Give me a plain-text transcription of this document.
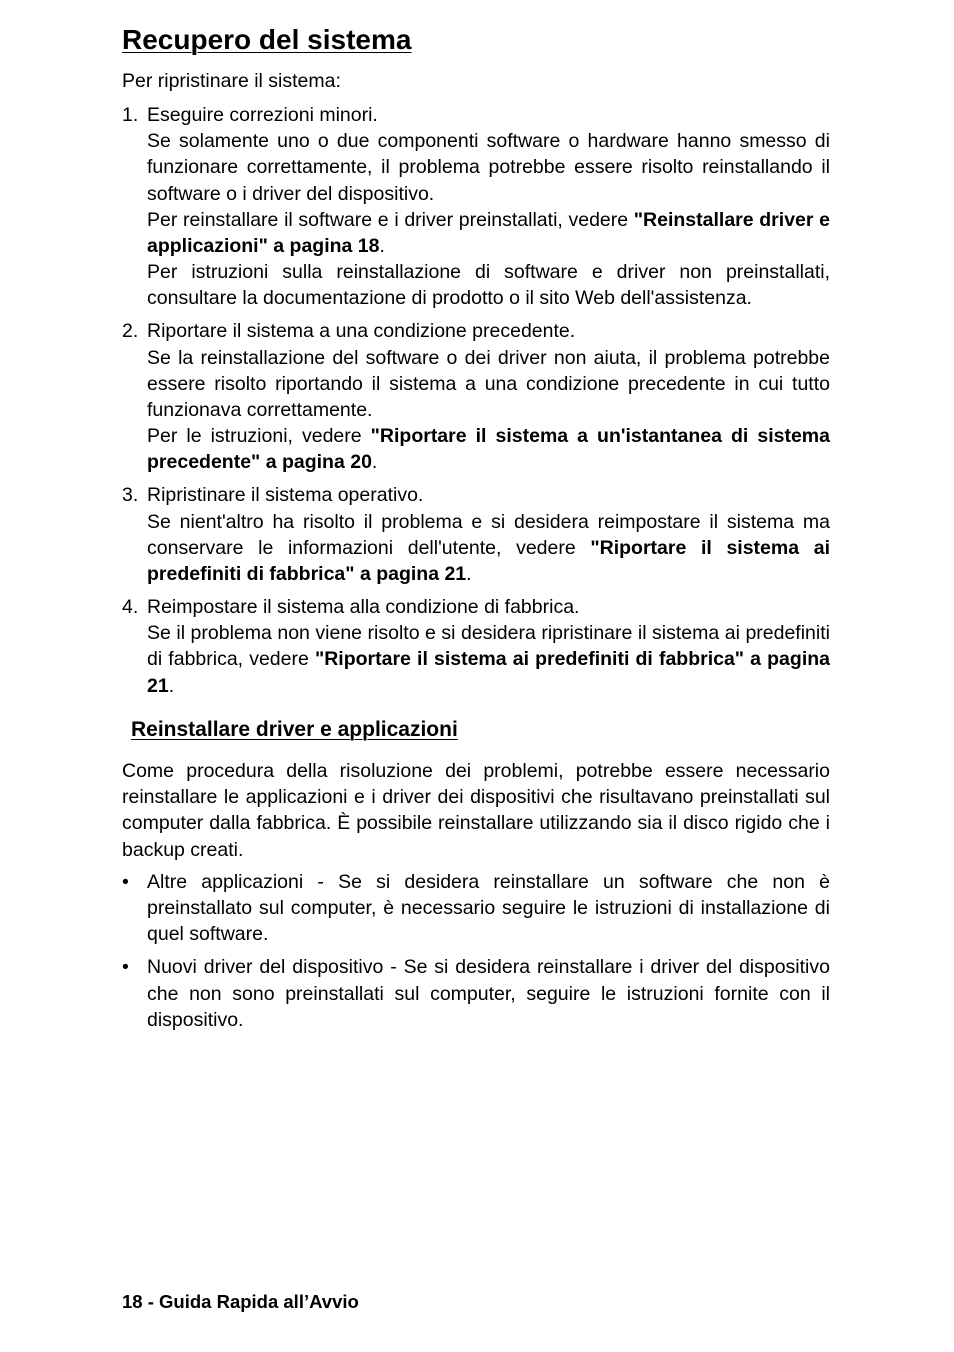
Recupero del sistema

Per ripristinare il sistema:

1. Eseguire correzioni minori.

Se solamente uno o due componenti software o hardware hanno smesso di funzionare correttamente, il problema potrebbe essere risolto reinstallando il software o i driver del dispositivo.

Per reinstallare il software e i driver preinstallati, vedere "Reinstallare driver e applicazioni" a pagina 18.

Per istruzioni sulla reinstallazione di software e driver non preinstallati, consultare la documentazione di prodotto o il sito Web dell'assistenza.

2. Riportare il sistema a una condizione precedente.

Se la reinstallazione del software o dei driver non aiuta, il problema potrebbe essere risolto riportando il sistema a una condizione precedente in cui tutto funzionava correttamente.

Per le istruzioni, vedere "Riportare il sistema a un'istantanea di sistema precedente" a pagina 20.

3. Ripristinare il sistema operativo.

Se nient'altro ha risolto il problema e si desidera reimpostare il sistema ma conservare le informazioni dell'utente, vedere "Riportare il sistema ai predefiniti di fabbrica" a pagina 21.

4. Reimpostare il sistema alla condizione di fabbrica.

Se il problema non viene risolto e si desidera ripristinare il sistema ai predefiniti di fabbrica, vedere "Riportare il sistema ai predefiniti di fabbrica" a pagina 21.

Reinstallare driver e applicazioni

Come procedura della risoluzione dei problemi, potrebbe essere necessario reinstallare le applicazioni e i driver dei dispositivi che risultavano preinstallati sul computer dalla fabbrica. È possibile reinstallare utilizzando sia il disco rigido che i backup creati.

• Altre applicazioni - Se si desidera reinstallare un software che non è preinstallato sul computer, è necessario seguire le istruzioni di installazione di quel software.
• Nuovi driver del dispositivo - Se si desidera reinstallare i driver del dispositivo che non sono preinstallati sul computer, seguire le istruzioni fornite con il dispositivo.
18 - Guida Rapida all’Avvio
